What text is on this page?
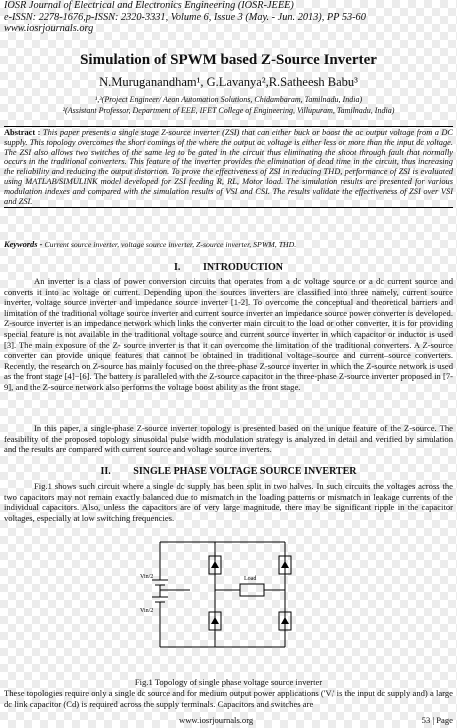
IOSR Journal of Electrical and Electronics Engineering (IOSR-JEEE)
e-ISSN: 2278-1676,p-ISSN: 2320-3331, Volume 6, Issue 3 (May. - Jun. 2013), PP 53-60
www.iosrjournals.org
Simulation of SPWM based Z-Source Inverter
N.Muruganandham¹, G.Lavanya²,R.Satheesh Babu³
¹,³(Project Engineer/ Aeon Automation Solutions, Chidambaram, Tamilnadu, India)
²(Assistant Professor, Department of EEE, IFET College of Engineering, Villupuram, Tamilnadu, India)
Abstract : This paper presents a single stage Z-source inverter (ZSI) that can either buck or boost the ac output voltage from a DC supply. This topology overcomes the short comings of the where the output ac voltage is either less or more than the input dc voltage. The ZSI also allows two switches of the same leg to be gated in the circuit thus eliminating the shoot through fault that normally occurs in the traditional converters. This feature of the inverter provides the elimination of dead time in the circuit, thus increasing the reliability and reducing the output distortion. To prove the effectiveness of ZSI in reducing THD, performance of ZSI is evaluated using MATLAB/SIMULINK model developed for ZSI feeding R, RL, Motor load. The simulation results are presented for various modulation indexes and compared with the simulation results of VSI and CSI. The results validate the effectiveness of ZSI over VSI and ZSI.
Keywords - Current source inverter, voltage source inverter, Z-source inverter, SPWM, THD.
I. INTRODUCTION
An inverter is a class of power conversion circuits that operates from a dc voltage source or a dc current source and converts it into ac voltage or current. Depending upon the sources inverters are classified into three namely, current source inverter, voltage source inverter and impedance source inverter [1-2]. To overcome the conceptual and theoretical barriers and limitation of the traditional voltage source inverter and current source inverter an impedance source power converter is developed. Z-source inverter is an impedance network which links the converter main circuit to the load or other converter, it is for providing special feature is not available in the traditional voltage source and current source inverter in which capacitor or inductor is used [3]. The main exposure of the Z- source inverter is that it can overcome the limitation of the traditional converters. A Z-source converter can provide unique features that cannot be obtained in traditional voltage–source and current–source converters. Recently, the research on Z-source has mainly focused on the three-phase Z-source inverter in which the Z-source network is used as the front stage [4]−[6]. The battery is paralleled with the Z-source capacitor in the three-phase Z-source inverter proposed in [7-9], and the Z-source network also performs the voltage boost ability as the front stage.
In this paper, a single-phase Z-source inverter topology is presented based on the unique feature of the Z-source. The feasibility of the proposed topology sinusoidal pulse width modulation strategy is analyzed in detail and verified by simulation and the results are compared with current source and voltage source inverters.
II. SINGLE PHASE VOLTAGE SOURCE INVERTER
Fig.1 shows such circuit where a single dc supply has been split in two halves. In such circuits the voltages across the two capacitors may not remain exactly balanced due to mismatch in the loading patterns or mismatch in leakage currents of the individual capacitors. Also, unless the capacitors are of very large magnitude, there may be significant ripple in the capacitor voltages, especially at low switching frequencies.
Vin/2
Vin/2
Load
Fig.1 Topology of single phase voltage source inverter
These topologies require only a single dc source and for medium output power applications ('Vᵢ' is the input dc supply and) a large dc link capacitor (Cd) is required across the supply terminals. Capacitors and switches are
www.iosrjournals.org	53 | Page
